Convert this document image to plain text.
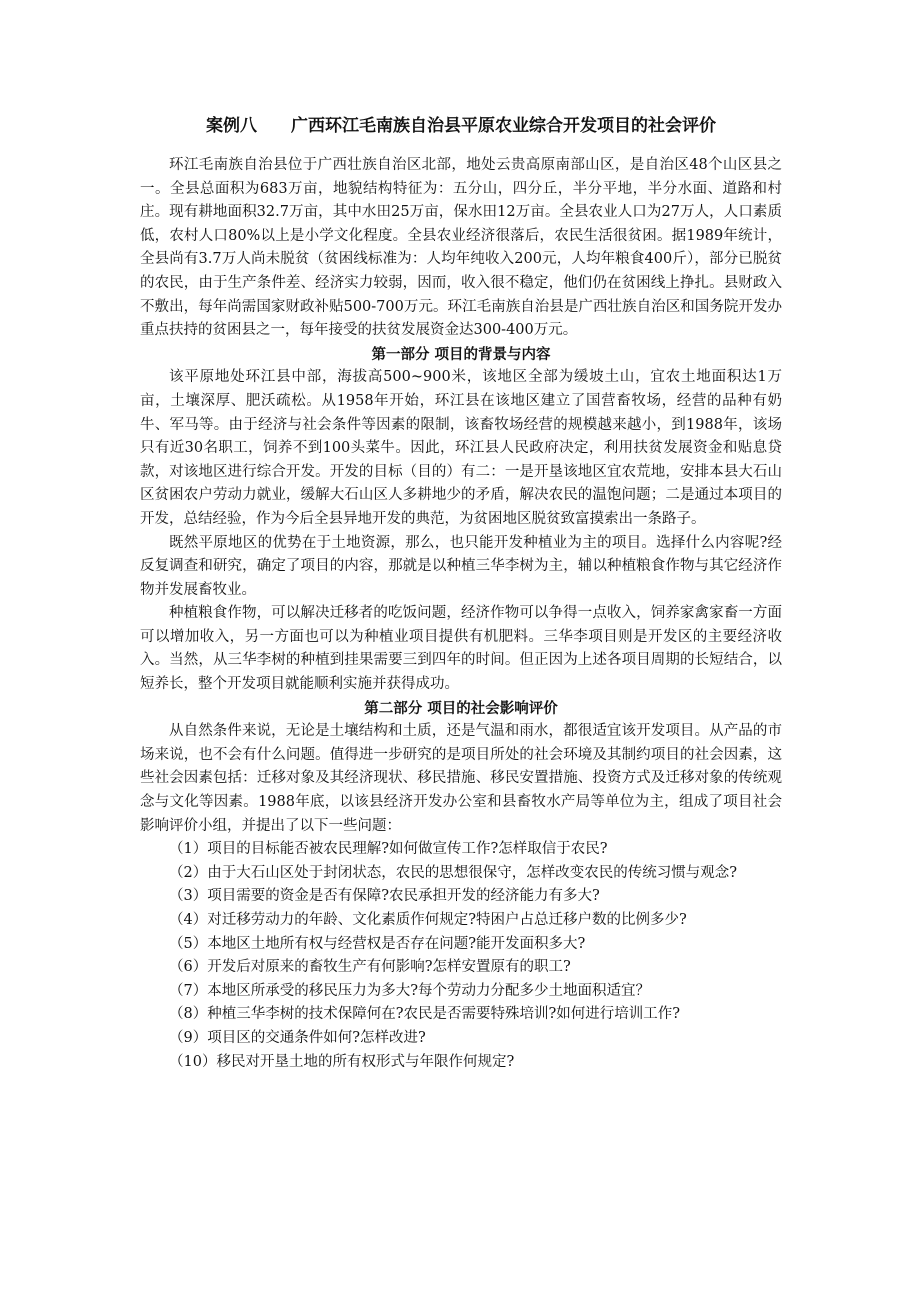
案例八　　广西环江毛南族自治县平原农业综合开发项目的社会评价

环江毛南族自治县位于广西壮族自治区北部，地处云贵高原南部山区，是自治区48个山区县之一。全县总面积为683万亩，地貌结构特征为：五分山，四分丘，半分平地，半分水面、道路和村庄。现有耕地面积32.7万亩，其中水田25万亩，保水田12万亩。全县农业人口为27万人，人口素质低，农村人口80%以上是小学文化程度。全县农业经济很落后，农民生活很贫困。据1989年统计，全县尚有3.7万人尚未脱贫（贫困线标准为：人均年纯收入200元，人均年粮食400斤），部分已脱贫的农民，由于生产条件差、经济实力较弱，因而，收入很不稳定，他们仍在贫困线上挣扎。县财政入不敷出，每年尚需国家财政补贴500-700万元。环江毛南族自治县是广西壮族自治区和国务院开发办重点扶持的贫困县之一，每年接受的扶贫发展资金达300-400万元。

第一部分 项目的背景与内容

该平原地处环江县中部，海拔高500~900米，该地区全部为缓坡土山，宜农土地面积达1万亩，土壤深厚、肥沃疏松。从1958年开始，环江县在该地区建立了国营畜牧场，经营的品种有奶牛、军马等。由于经济与社会条件等因素的限制，该畜牧场经营的规模越来越小，到1988年，该场只有近30名职工，饲养不到100头菜牛。因此，环江县人民政府决定，利用扶贫发展资金和贴息贷款，对该地区进行综合开发。开发的目标（目的）有二：一是开垦该地区宜农荒地，安排本县大石山区贫困农户劳动力就业，缓解大石山区人多耕地少的矛盾，解决农民的温饱问题；二是通过本项目的开发，总结经验，作为今后全县异地开发的典范，为贫困地区脱贫致富摸索出一条路子。

既然平原地区的优势在于土地资源，那么，也只能开发种植业为主的项目。选择什么内容呢?经反复调查和研究，确定了项目的内容，那就是以种植三华李树为主，辅以种植粮食作物与其它经济作物并发展畜牧业。

种植粮食作物，可以解决迁移者的吃饭问题，经济作物可以争得一点收入，饲养家禽家畜一方面可以增加收入，另一方面也可以为种植业项目提供有机肥料。三华李项目则是开发区的主要经济收入。当然，从三华李树的种植到挂果需要三到四年的时间。但正因为上述各项目周期的长短结合，以短养长，整个开发项目就能顺利实施并获得成功。

第二部分 项目的社会影响评价

从自然条件来说，无论是土壤结构和土质，还是气温和雨水，都很适宜该开发项目。从产品的市场来说，也不会有什么问题。值得进一步研究的是项目所处的社会环境及其制约项目的社会因素，这些社会因素包括：迁移对象及其经济现状、移民措施、移民安置措施、投资方式及迁移对象的传统观念与文化等因素。1988年底，以该县经济开发办公室和县畜牧水产局等单位为主，组成了项目社会影响评价小组，并提出了以下一些问题：

（1）项目的目标能否被农民理解?如何做宣传工作?怎样取信于农民?

（2）由于大石山区处于封闭状态，农民的思想很保守，怎样改变农民的传统习惯与观念?

（3）项目需要的资金是否有保障?农民承担开发的经济能力有多大?

（4）对迁移劳动力的年龄、文化素质作何规定?特困户占总迁移户数的比例多少?

（5）本地区土地所有权与经营权是否存在问题?能开发面积多大?

（6）开发后对原来的畜牧生产有何影响?怎样安置原有的职工?

（7）本地区所承受的移民压力为多大?每个劳动力分配多少土地面积适宜？

（8）种植三华李树的技术保障何在?农民是否需要特殊培训?如何进行培训工作?

（9）项目区的交通条件如何?怎样改进?

（10）移民对开垦土地的所有权形式与年限作何规定?
